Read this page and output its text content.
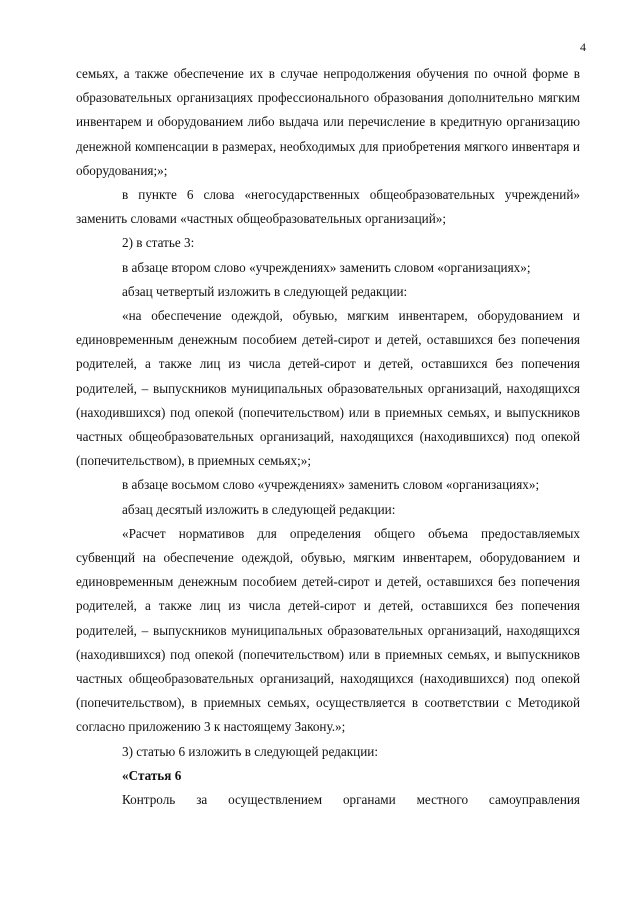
4

семьях, а также обеспечение их в случае непродолжения обучения по очной форме в образовательных организациях профессионального образования дополнительно мягким инвентарем и оборудованием либо выдача или перечисление в кредитную организацию денежной компенсации в размерах, необходимых для приобретения мягкого инвентаря и оборудования;»;

в пункте 6 слова «негосударственных общеобразовательных учреждений» заменить словами «частных общеобразовательных организаций»;

2) в статье 3:

в абзаце втором слово «учреждениях» заменить словом «организациях»;

абзац четвертый изложить в следующей редакции:

«на обеспечение одеждой, обувью, мягким инвентарем, оборудованием и единовременным денежным пособием детей-сирот и детей, оставшихся без попечения родителей, а также лиц из числа детей-сирот и детей, оставшихся без попечения родителей, – выпускников муниципальных образовательных организаций, находящихся (находившихся) под опекой (попечительством) или в приемных семьях, и выпускников частных общеобразовательных организаций, находящихся (находившихся) под опекой (попечительством), в приемных семьях;»;

в абзаце восьмом слово «учреждениях» заменить словом «организациях»;

абзац десятый изложить в следующей редакции:

«Расчет нормативов для определения общего объема предоставляемых субвенций на обеспечение одеждой, обувью, мягким инвентарем, оборудованием и единовременным денежным пособием детей-сирот и детей, оставшихся без попечения родителей, а также лиц из числа детей-сирот и детей, оставшихся без попечения родителей, – выпускников муниципальных образовательных организаций, находящихся (находившихся) под опекой (попечительством) или в приемных семьях, и выпускников частных общеобразовательных организаций, находящихся (находившихся) под опекой (попечительством), в приемных семьях, осуществляется в соответствии с Методикой согласно приложению 3 к настоящему Закону.»;

3) статью 6 изложить в следующей редакции:

«Статья 6

Контроль за осуществлением органами местного самоуправления
